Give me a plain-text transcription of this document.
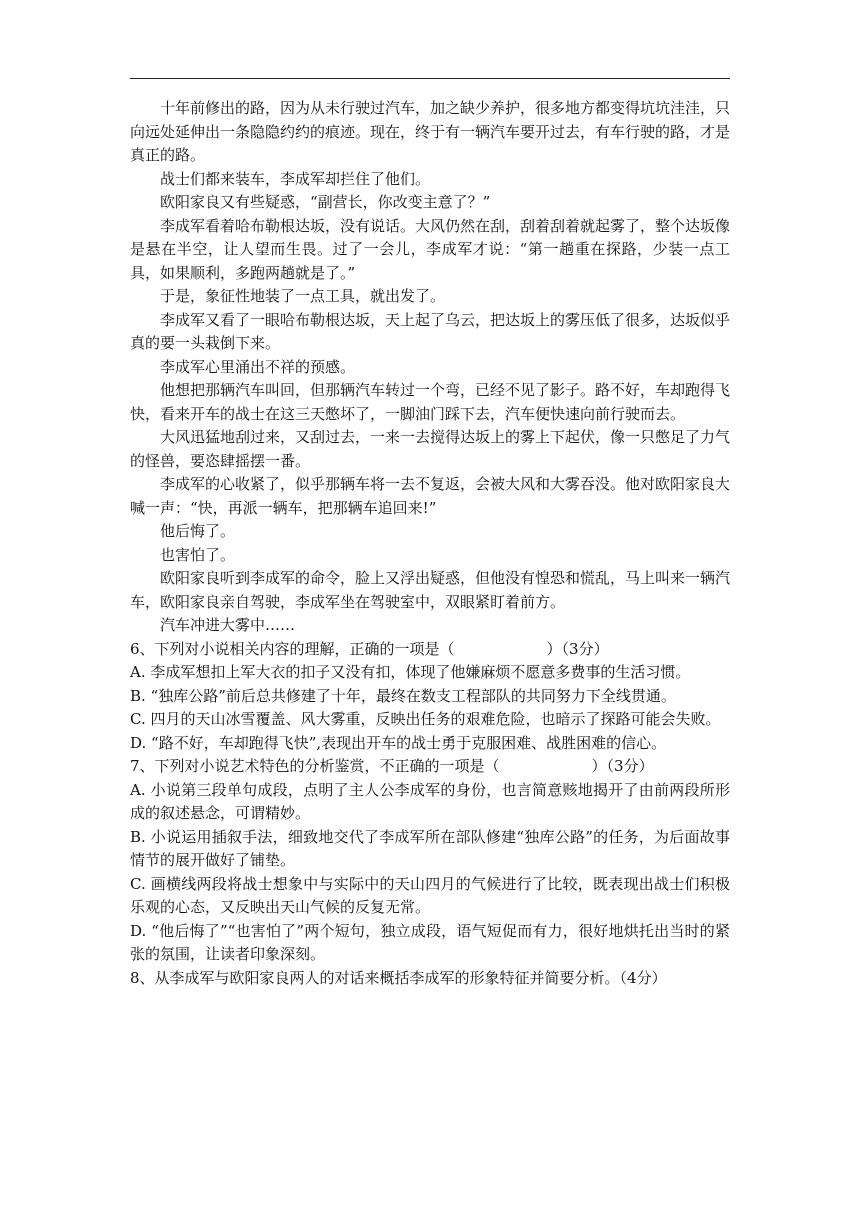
十年前修出的路，因为从未行驶过汽车，加之缺少养护，很多地方都变得坑坑洼洼，只向远处延伸出一条隐隐约约的痕迹。现在，终于有一辆汽车要开过去，有车行驶的路，才是真正的路。

战士们都来装车，李成军却拦住了他们。

欧阳家良又有些疑惑，“副营长，你改变主意了？”

李成军看着哈布勒根达坂，没有说话。大风仍然在刮，刮着刮着就起雾了，整个达坂像是悬在半空，让人望而生畏。过了一会儿，李成军才说：“第一趟重在探路，少装一点工具，如果顺利，多跑两趟就是了。”

于是，象征性地装了一点工具，就出发了。

李成军又看了一眼哈布勒根达坂，天上起了乌云，把达坂上的雾压低了很多，达坂似乎真的要一头栽倒下来。

李成军心里涌出不祥的预感。

他想把那辆汽车叫回，但那辆汽车转过一个弯，已经不见了影子。路不好，车却跑得飞快，看来开车的战士在这三天憋坏了，一脚油门踩下去，汽车便快速向前行驶而去。

大风迅猛地刮过来，又刮过去，一来一去搅得达坂上的雾上下起伏，像一只憋足了力气的怪兽，要恣肆摇摆一番。

李成军的心收紧了，似乎那辆车将一去不复返，会被大风和大雾吞没。他对欧阳家良大喊一声：“快，再派一辆车，把那辆车追回来!”

他后悔了。

也害怕了。

欧阳家良听到李成军的命令，脸上又浮出疑惑，但他没有惶恐和慌乱，马上叫来一辆汽车，欧阳家良亲自驾驶，李成军坐在驾驶室中，双眼紧盯着前方。

汽车冲进大雾中……

6、下列对小说相关内容的理解，正确的一项是（	）（3分）

A. 李成军想扣上军大衣的扣子又没有扣，体现了他嫌麻烦不愿意多费事的生活习惯。

B. “独库公路”前后总共修建了十年，最终在数支工程部队的共同努力下全线贯通。

C. 四月的天山冰雪覆盖、风大雾重，反映出任务的艰难危险，也暗示了探路可能会失败。

D. “路不好，车却跑得飞快”,表现出开车的战士勇于克服困难、战胜困难的信心。

7、下列对小说艺术特色的分析鉴赏，不正确的一项是（	）（3分）

A. 小说第三段单句成段，点明了主人公李成军的身份，也言简意赅地揭开了由前两段所形成的叙述悬念，可谓精妙。

B. 小说运用插叙手法，细致地交代了李成军所在部队修建“独库公路”的任务，为后面故事情节的展开做好了铺垫。

C. 画横线两段将战士想象中与实际中的天山四月的气候进行了比较，既表现出战士们积极乐观的心态，又反映出天山气候的反复无常。

D. “他后悔了”“也害怕了”两个短句，独立成段，语气短促而有力，很好地烘托出当时的紧张的氛围，让读者印象深刻。

8、从李成军与欧阳家良两人的对话来概括李成军的形象特征并简要分析。（4分）
